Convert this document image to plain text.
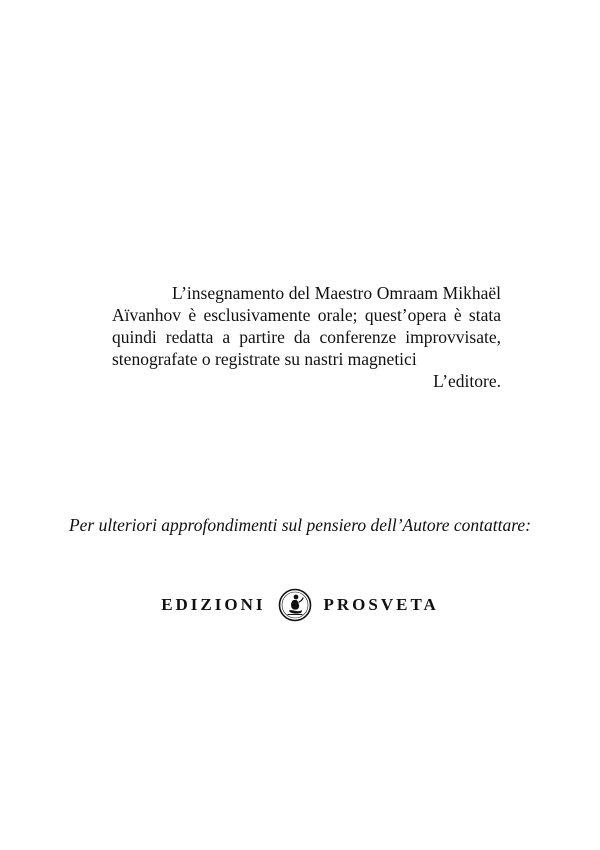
L’insegnamento del Maestro Omraam Mikhaël
Aïvanhov è esclusivamente orale; quest’opera è stata
quindi redatta a partire da conferenze improvvisate,
stenografate o registrate su nastri magnetici
L’editore.
Per ulteriori approfondimenti sul pensiero dell’Autore contattare:
EDIZIONI	PROSVETA
